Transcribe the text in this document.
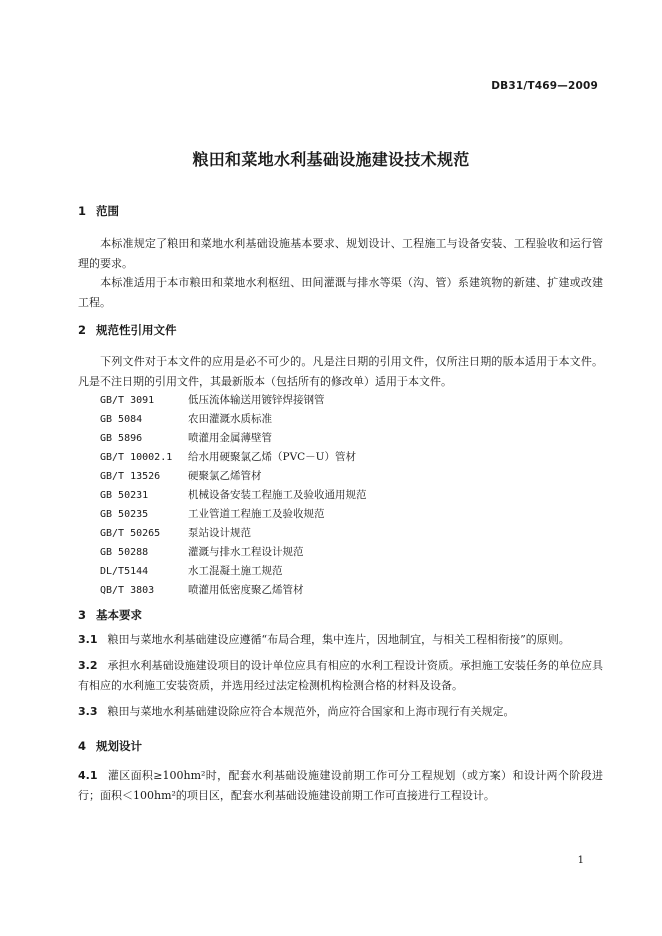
DB31/T469—2009
粮田和菜地水利基础设施建设技术规范
1 范围
本标准规定了粮田和菜地水利基础设施基本要求、规划设计、工程施工与设备安装、工程验收和运行管理的要求。
本标准适用于本市粮田和菜地水利枢纽、田间灌溉与排水等渠（沟、管）系建筑物的新建、扩建或改建工程。
2 规范性引用文件
下列文件对于本文件的应用是必不可少的。凡是注日期的引用文件，仅所注日期的版本适用于本文件。凡是不注日期的引用文件，其最新版本（包括所有的修改单）适用于本文件。
GB/T 3091	低压流体输送用镀锌焊接钢管
GB 5084	农田灌溉水质标准
GB 5896	喷灌用金属薄壁管
GB/T 10002.1 给水用硬聚氯乙烯（PVC－U）管材
GB/T 13526	硬聚氯乙烯管材
GB 50231	机械设备安装工程施工及验收通用规范
GB 50235	工业管道工程施工及验收规范
GB/T 50265	泵站设计规范
GB 50288	灌溉与排水工程设计规范
DL/T5144	水工混凝土施工规范
QB/T 3803	喷灌用低密度聚乙烯管材
3 基本要求
3.1 粮田与菜地水利基础建设应遵循“布局合理，集中连片，因地制宜，与相关工程相衔接”的原则。
3.2 承担水利基础设施建设项目的设计单位应具有相应的水利工程设计资质。承担施工安装任务的单位应具有相应的水利施工安装资质，并选用经过法定检测机构检测合格的材料及设备。
3.3 粮田与菜地水利基础建设除应符合本规范外，尚应符合国家和上海市现行有关规定。
4 规划设计
4.1 灌区面积≥100hm²时，配套水利基础设施建设前期工作可分工程规划（或方案）和设计两个阶段进行；面积＜100hm²的项目区，配套水利基础设施建设前期工作可直接进行工程设计。
1
